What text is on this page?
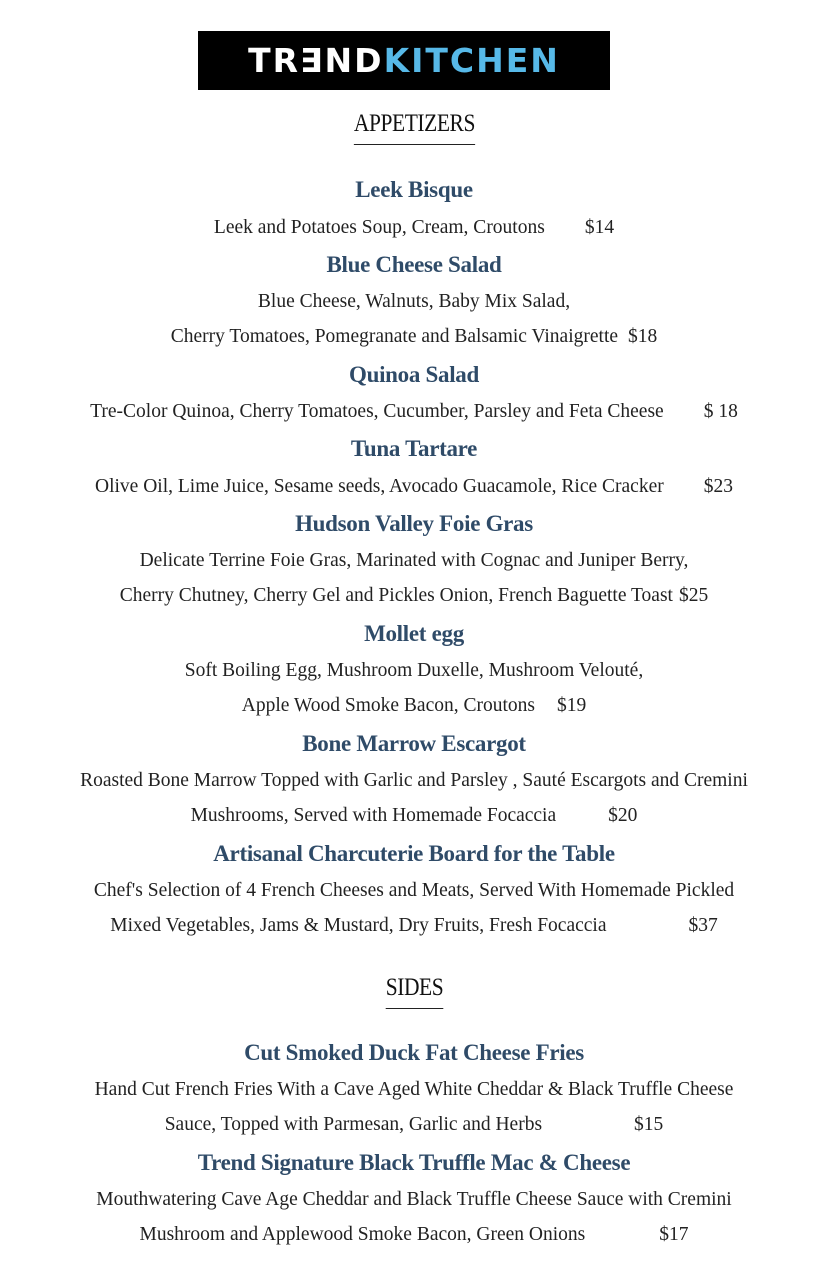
TR∃ND KITCHEN
APPETIZERS
Leek Bisque
Leek and Potatoes Soup, Cream, Croutons $14
Blue Cheese Salad
Blue Cheese, Walnuts, Baby Mix Salad,
Cherry Tomatoes, Pomegranate and Balsamic Vinaigrette $18
Quinoa Salad
Tre-Color Quinoa, Cherry Tomatoes, Cucumber, Parsley and Feta Cheese $ 18
Tuna Tartare
Olive Oil, Lime Juice, Sesame seeds, Avocado Guacamole, Rice Cracker $23
Hudson Valley Foie Gras
Delicate Terrine Foie Gras, Marinated with Cognac and Juniper Berry,
Cherry Chutney, Cherry Gel and Pickles Onion, French Baguette Toast $25
Mollet egg
Soft Boiling Egg, Mushroom Duxelle, Mushroom Velouté,
Apple Wood Smoke Bacon, Croutons $19
Bone Marrow Escargot
Roasted Bone Marrow Topped with Garlic and Parsley , Sauté Escargots and Cremini
Mushrooms, Served with Homemade Focaccia	$20
Artisanal Charcuterie Board for the Table
Chef's Selection of 4 French Cheeses and Meats, Served With Homemade Pickled
Mixed Vegetables, Jams & Mustard, Dry Fruits, Fresh Focaccia	$37
SIDES
Cut Smoked Duck Fat Cheese Fries
Hand Cut French Fries With a Cave Aged White Cheddar & Black Truffle Cheese
Sauce, Topped with Parmesan, Garlic and Herbs	$15
Trend Signature Black Truffle Mac & Cheese
Mouthwatering Cave Age Cheddar and Black Truffle Cheese Sauce with Cremini
Mushroom and Applewood Smoke Bacon, Green Onions	$17
